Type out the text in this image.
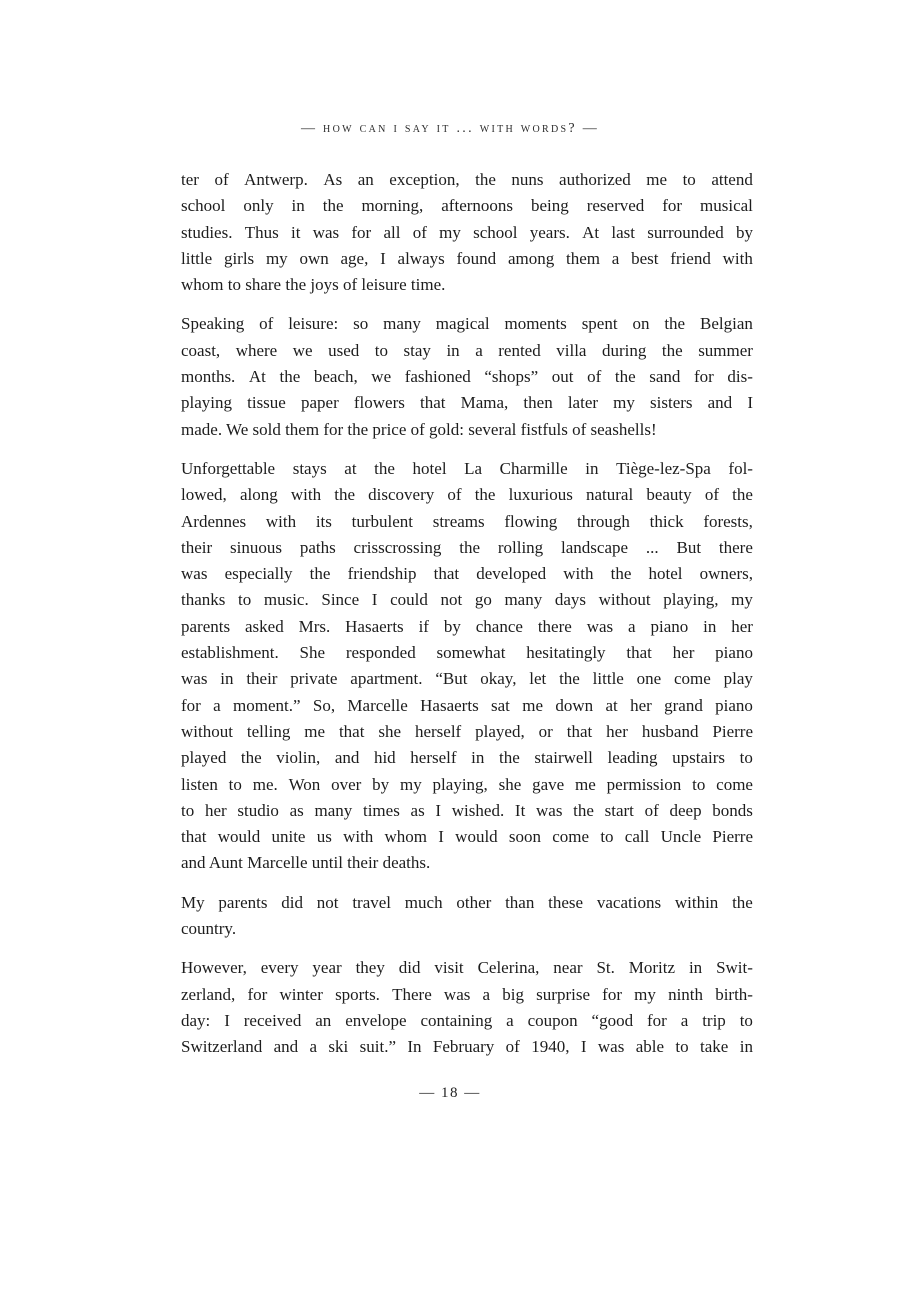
— how can i say it ... with words? —
ter of Antwerp. As an exception, the nuns authorized me to attend
school only in the morning, afternoons being reserved for musical
studies. Thus it was for all of my school years. At last surrounded by
little girls my own age, I always found among them a best friend with
whom to share the joys of leisure time.
Speaking of leisure: so many magical moments spent on the Belgian
coast, where we used to stay in a rented villa during the summer
months. At the beach, we fashioned “shops” out of the sand for dis-
playing tissue paper flowers that Mama, then later my sisters and I
made. We sold them for the price of gold: several fistfuls of seashells!
Unforgettable stays at the hotel La Charmille in Tiège-lez-Spa fol-
lowed, along with the discovery of the luxurious natural beauty of the
Ardennes with its turbulent streams flowing through thick forests,
their sinuous paths crisscrossing the rolling landscape ... But there
was especially the friendship that developed with the hotel owners,
thanks to music. Since I could not go many days without playing, my
parents asked Mrs. Hasaerts if by chance there was a piano in her
establishment. She responded somewhat hesitatingly that her piano
was in their private apartment. “But okay, let the little one come play
for a moment.” So, Marcelle Hasaerts sat me down at her grand piano
without telling me that she herself played, or that her husband Pierre
played the violin, and hid herself in the stairwell leading upstairs to
listen to me. Won over by my playing, she gave me permission to come
to her studio as many times as I wished. It was the start of deep bonds
that would unite us with whom I would soon come to call Uncle Pierre
and Aunt Marcelle until their deaths.
My parents did not travel much other than these vacations within the
country.
However, every year they did visit Celerina, near St. Moritz in Swit-
zerland, for winter sports. There was a big surprise for my ninth birth-
day: I received an envelope containing a coupon “good for a trip to
Switzerland and a ski suit.” In February of 1940, I was able to take in
— 18 —
